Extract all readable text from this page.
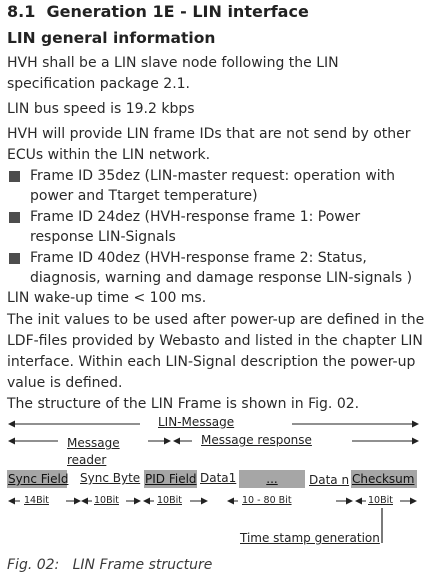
8.1 Generation 1E - LIN interface
LIN general information
HVH shall be a LIN slave node following the LIN specification package 2.1.
LIN bus speed is 19.2 kbps
HVH will provide LIN frame IDs that are not send by other ECUs within the LIN network.
Frame ID 35dez (LIN-master request: operation with power and Ttarget temperature)
Frame ID 24dez (HVH-response frame 1: Power response LIN-Signals
Frame ID 40dez (HVH-response frame 2: Status, diagnosis, warning and damage response LIN-signals )
LIN wake-up time < 100 ms.
The init values to be used after power-up are defined in the LDF-files provided by Webasto and listed in the chapter LIN interface. Within each LIN-Signal description the power-up value is defined.
The structure of the LIN Frame is shown in Fig. 02.
LIN-Message
Message reader
Message response
Sync Field Sync Byte PID Field Data1	...	Data n Checksum
14Bit	10Bit	10Bit	10 - 80 Bit	10Bit
Time stamp generation
Fig. 02: LIN Frame structure
